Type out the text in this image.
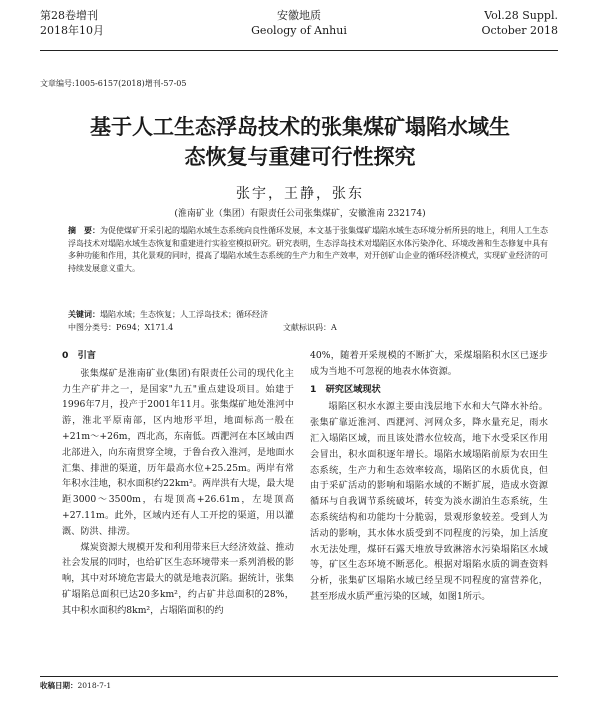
第28卷增刊
2018年10月
安徽地质
Geology of Anhui
Vol.28 Suppl.
October 2018
文章编号:1005-6157(2018)增刊-57-05
基于人工生态浮岛技术的张集煤矿塌陷水域生
态恢复与重建可行性探究
张宇，王静，张东
(淮南矿业（集团）有限责任公司张集煤矿，安徽淮南 232174)
摘　要：为促使煤矿开采引起的塌陷水域生态系统向良性循环发展，本文基于张集煤矿塌陷水域生态环境分析所县的地上，利用人工生态浮岛技术对塌陷水域生态恢复和重建进行实验室模拟研究。研究表明，生态浮岛技术对塌陷区水体污染净化、环境改善和生态修复中具有多种功能和作用，其化景观的同时，提高了塌陷水域生态系统的生产力和生产效率，对开创矿山企业的循环经济模式，实现矿业经济的可持续发展意义重大。
关键词：塌陷水域；生态恢复；人工浮岛技术；循环经济
中图分类号：P694；X171.4	文献标识码：A

0　引言

张集煤矿是淮南矿业(集团)有限责任公司的现代化主力生产矿井之一，是国家"九五"重点建设项目。始建于1996年7月，投产于2001年11月。张集煤矿地处淮河中游，淮北平原南部，区内地形平坦，地面标高一般在+21m～+26m，西北高，东南低。西淝河在本区域由西北部进入，向东南贯穿全境，于鲁台孜入淮河，是地面水汇集、排泄的渠道，历年最高水位+25.25m。两岸有常年积水洼地，积水面积约22km²。两岸洪有大堤，最大堤距3000～3500m，右堤顶高+26.61m，左堤顶高+27.11m。此外，区域内还有人工开挖的渠道，用以灌溉、防洪、排涝。

煤炭资源大规模开发和利用带来巨大经济效益、推动社会发展的同时，也给矿区生态环境带来一系列消极的影响，其中对环境危害最大的就是地表沉陷。据统计，张集矿塌陷总面积已达20多km²，约占矿井总面积的28%，其中积水面积约8km²，占塌陷面积的约

40%，随着开采规模的不断扩大，采煤塌陷积水区已逐步成为当地不可忽视的地表水体资源。

1　研究区域现状

塌陷区积水水源主要由浅层地下水和大气降水补给。张集矿靠近淮河、西淝河、河网众多，降水量充足，雨水汇入塌陷区域，而且该处潜水位较高，地下水受采区作用会冒出，积水面积逐年增长。塌陷水域塌陷前原为农田生态系统，生产力和生态效率较高，塌陷区的水质优良，但由于采矿活动的影响和塌陷水域的不断扩展，造成水资源循环与自我调节系统破坏，转变为淡水湖泊生态系统，生态系统结构和功能均十分脆弱，景观形象较差。受到人为活动的影响，其水体水质受到不同程度的污染，加上活度水无法处理，煤矸石露天堆放导致淋溶水污染塌陷区水域等，矿区生态环境不断恶化。根据对塌陷水质的调查资料分析，张集矿区塌陷水域已经呈现不同程度的富营养化，甚至形成水质严重污染的区域，如图1所示。

收稿日期：2018-7-1
